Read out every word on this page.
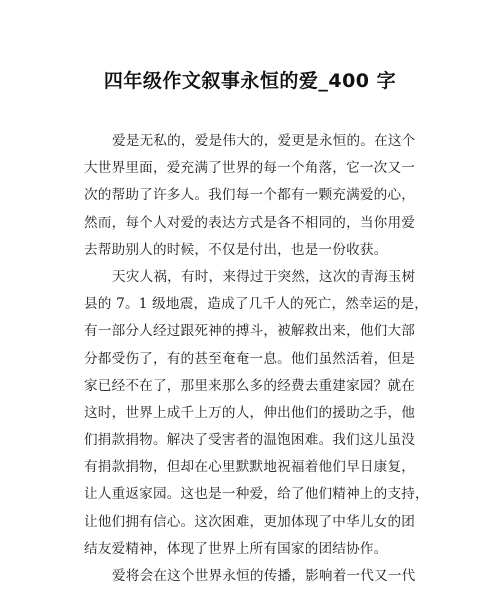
四年级作文叙事永恒的爱_400 字
爱是无私的，爱是伟大的，爱更是永恒的。在这个
大世界里面，爱充满了世界的每一个角落，它一次又一
次的帮助了许多人。我们每一个都有一颗充满爱的心，
然而，每个人对爱的表达方式是各不相同的，当你用爱
去帮助别人的时候，不仅是付出，也是一份收获。
天灾人祸，有时，来得过于突然，这次的青海玉树
县的 7。1 级地震，造成了几千人的死亡，然幸运的是，
有一部分人经过跟死神的搏斗，被解救出来，他们大部
分都受伤了，有的甚至奄奄一息。他们虽然活着，但是
家已经不在了，那里来那么多的经费去重建家园？就在
这时，世界上成千上万的人，伸出他们的援助之手，他
们捐款捐物。解决了受害者的温饱困难。我们这儿虽没
有捐款捐物，但却在心里默默地祝福着他们早日康复，
让人重返家园。这也是一种爱，给了他们精神上的支持，
让他们拥有信心。这次困难，更加体现了中华儿女的团
结友爱精神，体现了世界上所有国家的团结协作。
爱将会在这个世界永恒的传播，影响着一代又一代
